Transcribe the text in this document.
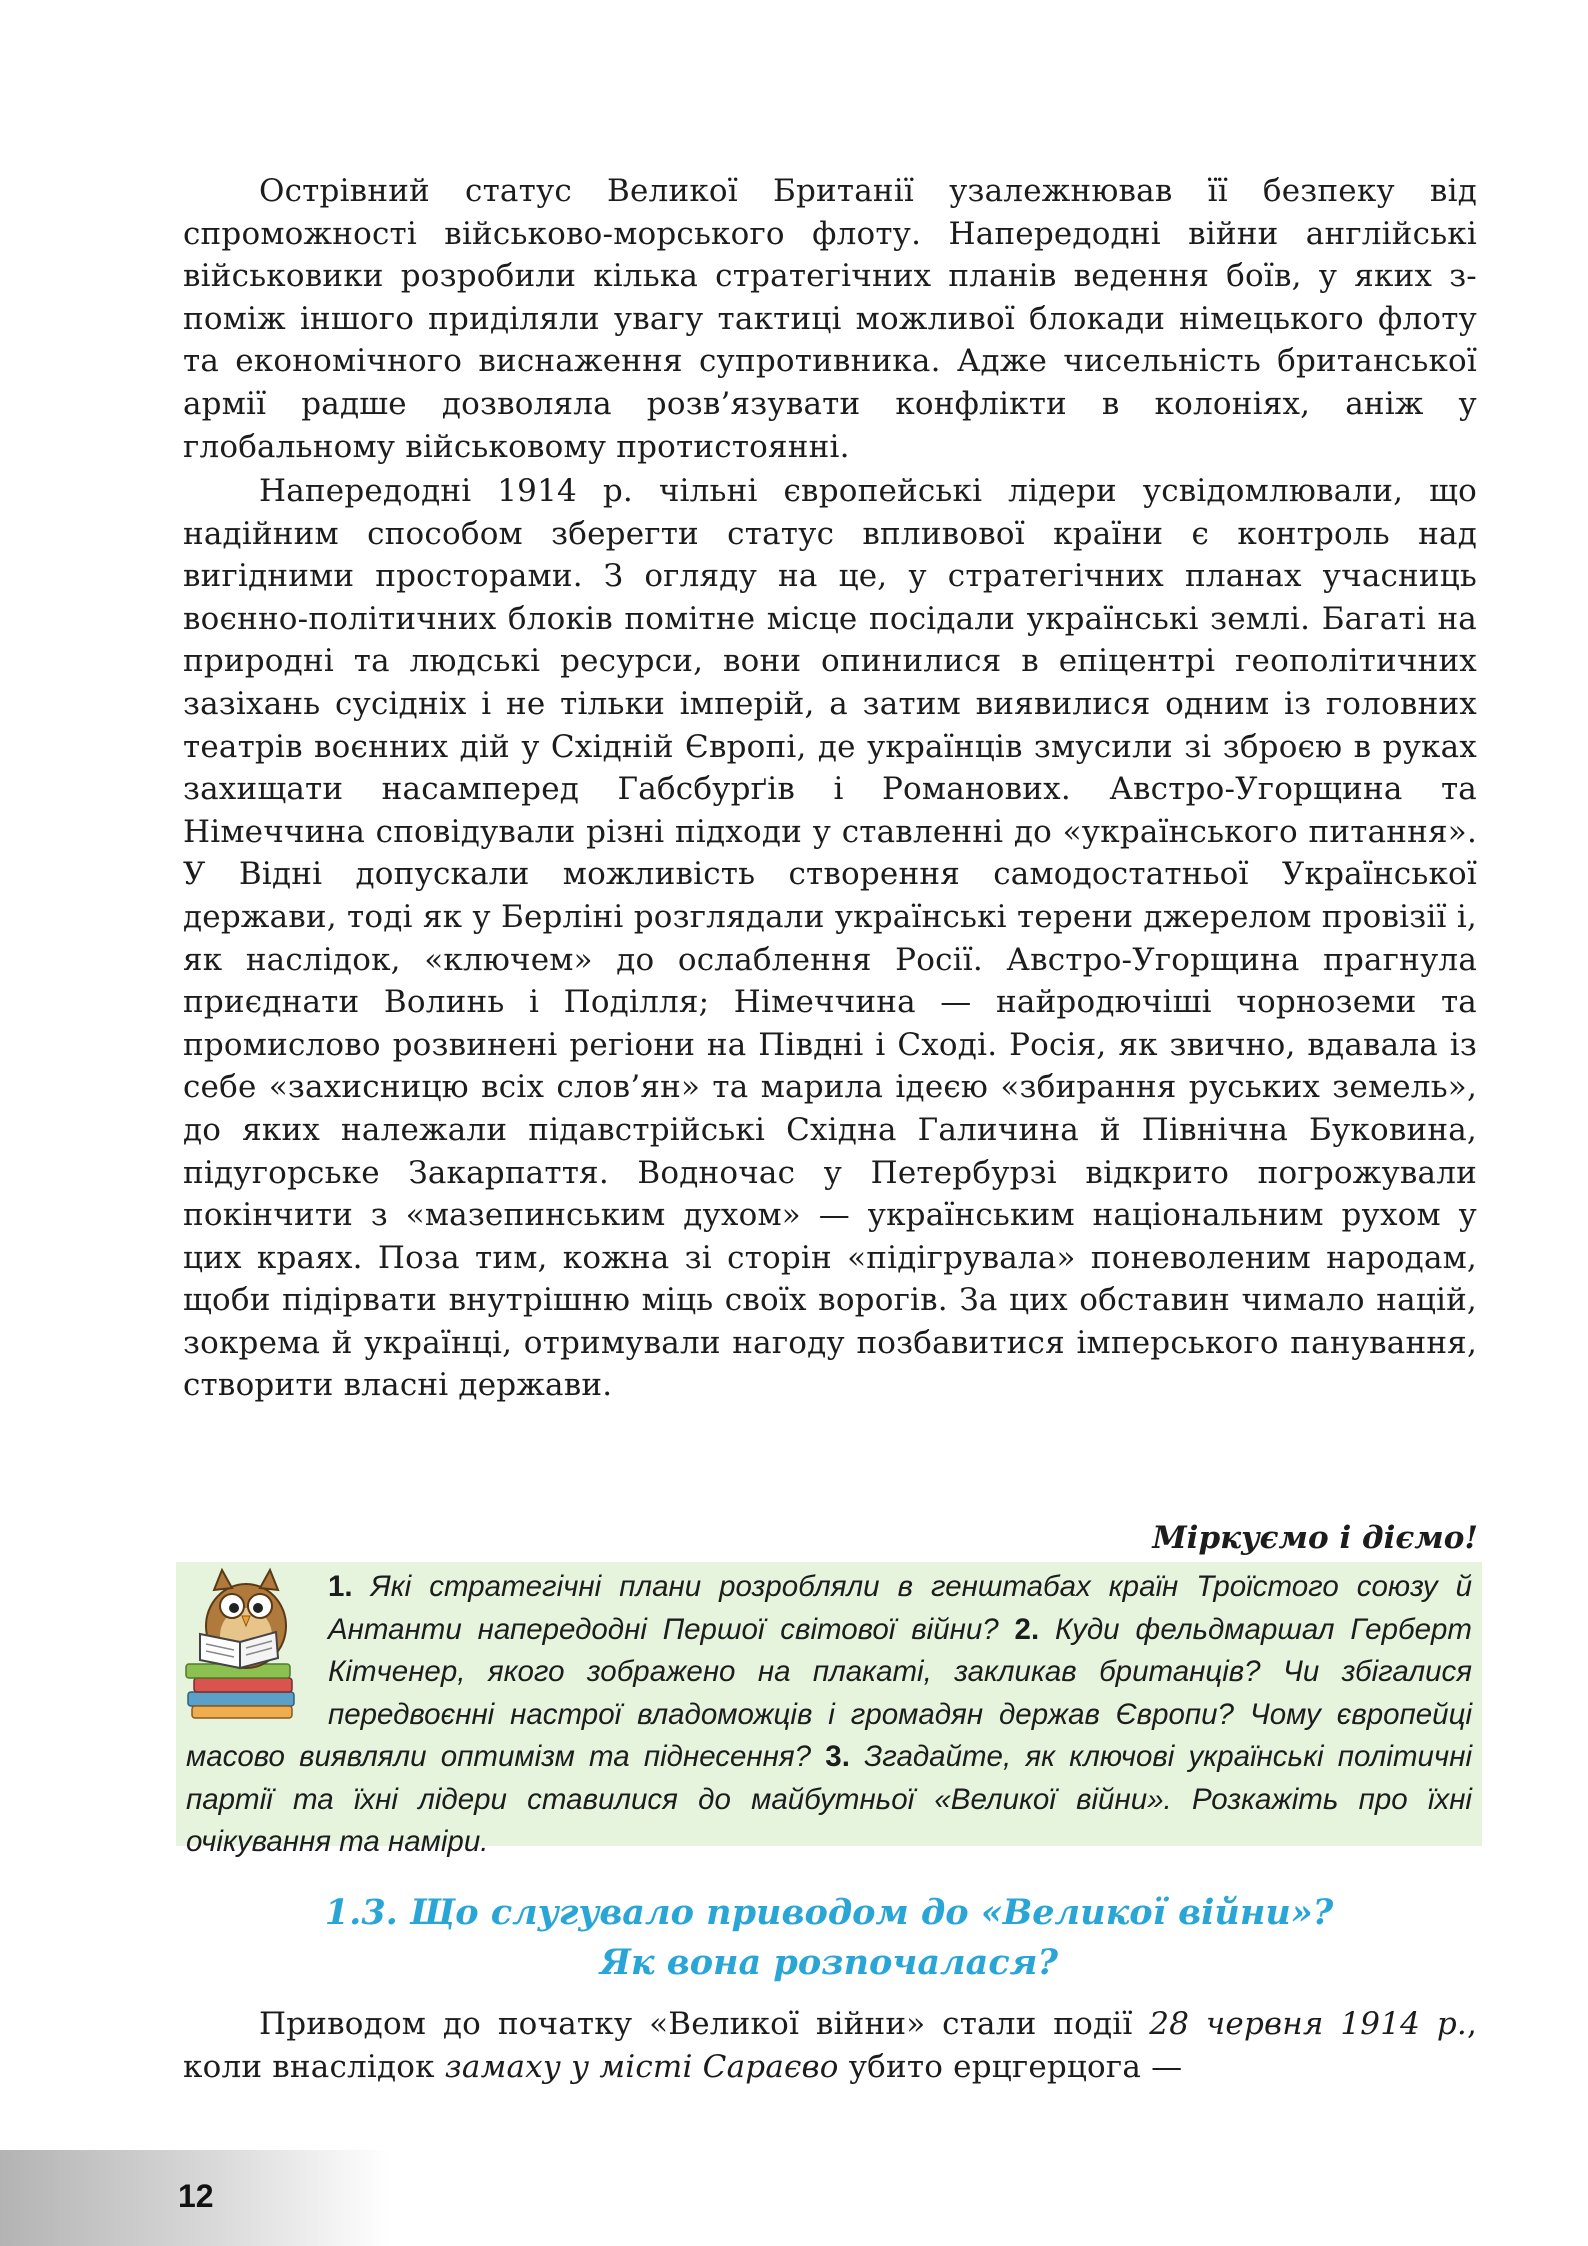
Острівний статус Великої Британії узалежнював її безпеку від спроможності військово-морського флоту. Напередодні війни англійські військовики розробили кілька стратегічних планів ведення боїв, у яких з-поміж іншого приділяли увагу тактиці можливої блокади німецького флоту та економічного виснаження супротивника. Адже чисельність британської армії радше дозволяла розв’язувати конфлікти в колоніях, аніж у глобальному військовому протистоянні.

Напередодні 1914 р. чільні європейські лідери усвідомлювали, що надійним способом зберегти статус впливової країни є контроль над вигідними просторами. З огляду на це, у стратегічних планах учасниць воєнно-політичних блоків помітне місце посідали українські землі. Багаті на природні та людські ресурси, вони опинилися в епіцентрі геополітичних зазіхань сусідніх і не тільки імперій, а затим виявилися одним із головних театрів воєнних дій у Східній Європі, де українців змусили зі зброєю в руках захищати насамперед Габсбурґів і Романових. Австро-Угорщина та Німеччина сповідували різні підходи у ставленні до «українського питання». У Відні допускали можливість створення самодостатньої Української держави, тоді як у Берліні розглядали українські терени джерелом провізії і, як наслідок, «ключем» до ослаблення Росії. Австро-Угорщина прагнула приєднати Волинь і Поділля; Німеччина — найродючіші чорноземи та промислово розвинені регіони на Півдні і Сході. Росія, як звично, вдавала із себе «захисницю всіх слов’ян» та марила ідеєю «збирання руських земель», до яких належали підавстрійські Східна Галичина й Північна Буковина, підугорське Закарпаття. Водночас у Петербурзі відкрито погрожували покінчити з «мазепинським духом» — українським національним рухом у цих краях. Поза тим, кожна зі сторін «підігрувала» поневоленим народам, щоби підірвати внутрішню міць своїх ворогів. За цих обставин чимало націй, зокрема й українці, отримували нагоду позбавитися імперського панування, створити власні держави.

Міркуємо і діємо!

1. Які стратегічні плани розробляли в генштабах країн Троїстого союзу й Антанти напередодні Першої світової війни? 2. Куди фельдмаршал Герберт Кітченер, якого зображено на плакаті, закликав британців? Чи збігалися передвоєнні настрої владоможців і громадян держав Європи? Чому європейці масово виявляли оптимізм та піднесення? 3. Згадайте, як ключові українські політичні партії та їхні лідери ставилися до майбутньої «Великої війни». Розкажіть про їхні очікування та наміри.

1.3. Що слугувало приводом до «Великої війни»?
Як вона розпочалася?

Приводом до початку «Великої війни» стали події 28 червня 1914 р., коли внаслідок замаху у місті Сараєво убито ерцгерцога —

12
